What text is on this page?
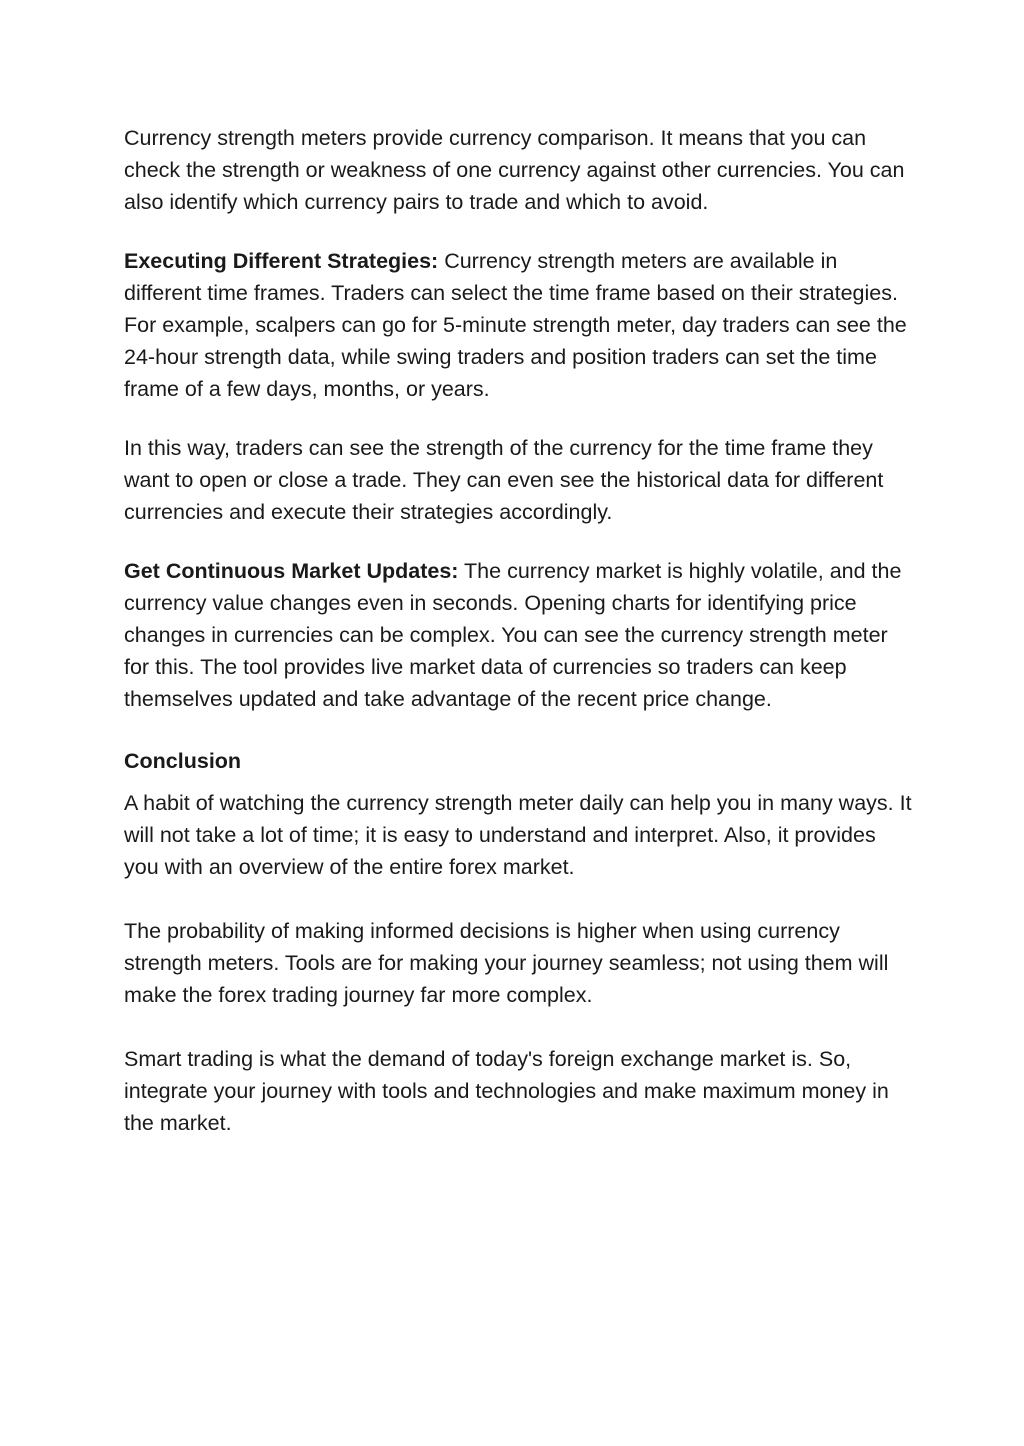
Currency strength meters provide currency comparison. It means that you can check the strength or weakness of one currency against other currencies. You can also identify which currency pairs to trade and which to avoid.

Executing Different Strategies: Currency strength meters are available in different time frames. Traders can select the time frame based on their strategies. For example, scalpers can go for 5-minute strength meter, day traders can see the 24-hour strength data, while swing traders and position traders can set the time frame of a few days, months, or years.

In this way, traders can see the strength of the currency for the time frame they want to open or close a trade. They can even see the historical data for different currencies and execute their strategies accordingly.

Get Continuous Market Updates: The currency market is highly volatile, and the currency value changes even in seconds. Opening charts for identifying price changes in currencies can be complex. You can see the currency strength meter for this. The tool provides live market data of currencies so traders can keep themselves updated and take advantage of the recent price change.

Conclusion

A habit of watching the currency strength meter daily can help you in many ways. It will not take a lot of time; it is easy to understand and interpret. Also, it provides you with an overview of the entire forex market.

The probability of making informed decisions is higher when using currency strength meters. Tools are for making your journey seamless; not using them will make the forex trading journey far more complex.

Smart trading is what the demand of today's foreign exchange market is. So, integrate your journey with tools and technologies and make maximum money in the market.
